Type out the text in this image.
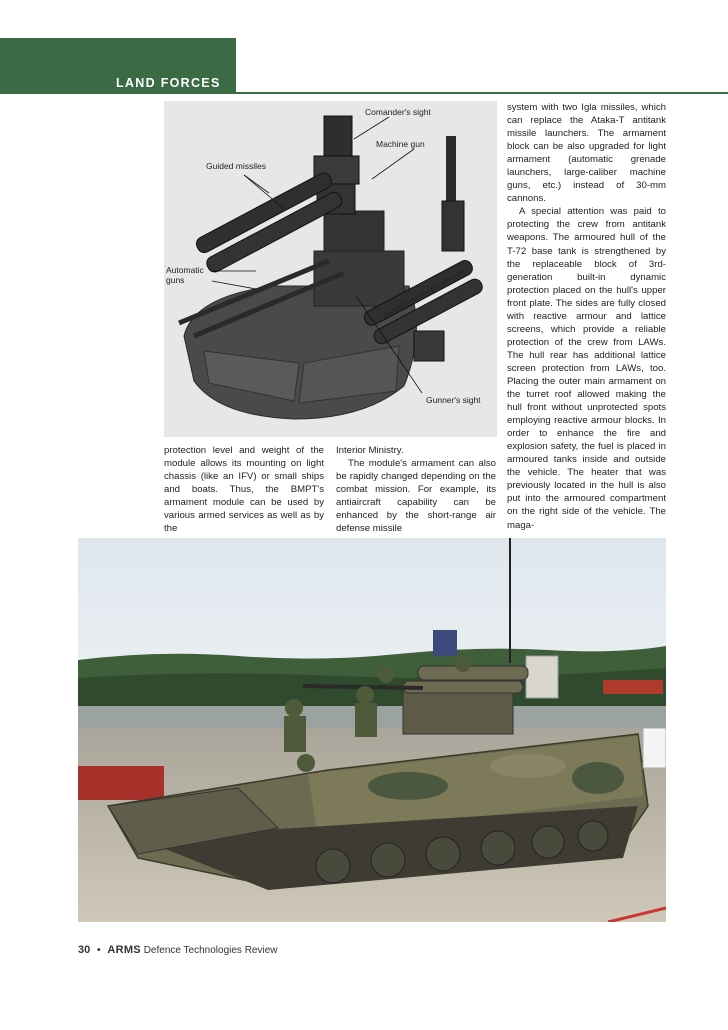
LAND FORCES
Comander's sight
Machine gun
Guided missiles
Automatic
guns
Gunner's sight

system with two Igla missiles, which can replace the Ataka-T antitank missile launchers. The armament block can be also upgraded for light armament (automatic grenade launchers, large-caliber machine guns, etc.) instead of 30-mm cannons.

A special attention was paid to protecting the crew from antitank weapons. The armoured hull of the T-72 base tank is strengthened by the replaceable block of 3rd-generation built-in dynamic protection placed on the hull's upper front plate. The sides are fully closed with reactive armour and lattice screens, which provide a reliable protection of the crew from LAWs. The hull rear has additional lattice screen protection from LAWs, too. Placing the outer main armament on the turret roof allowed making the hull front without unprotected spots employing reactive armour blocks. In order to enhance the fire and explosion safety, the fuel is placed in armoured tanks inside and outside the vehicle. The heater that was previously located in the hull is also put into the armoured compartment on the right side of the vehicle. The maga-

protection level and weight of the module allows its mounting on light chassis (like an IFV) or small ships and boats. Thus, the BMPT's armament module can be used by various armed services as well as by the

Interior Ministry.

The module's armament can also be rapidly changed depending on the combat mission. For example, its antiaircraft capability can be enhanced by the short-range air defense missile

30 • ARMS Defence Technologies Review
